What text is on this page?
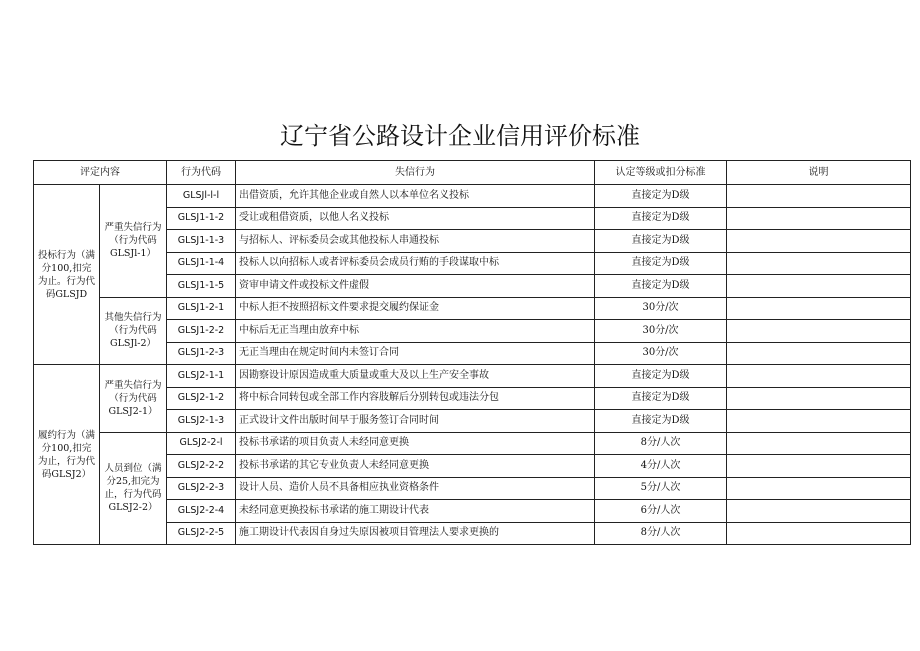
辽宁省公路设计企业信用评价标准
评定内容		行为代码	失信行为	认定等级或扣分标准	说明
投标行为（满分100,扣完为止。行为代码GLSJD	严重失信行为（行为代码GLSJl-1）	GLSJl-l-l	出借资质，允许其他企业或自然人以本单位名义投标	直接定为D级	
		GLSJ1-1-2	受让或租借资质，以他人名义投标	直接定为D级	
		GLSJ1-1-3	与招标人、评标委员会或其他投标人串通投标	直接定为D级	
		GLSJ1-1-4	投标人以向招标人或者评标委员会成员行贿的手段谋取中标	直接定为D级	
		GLSJ1-1-5	资审申请文件或投标文件虚假	直接定为D级	
	其他失信行为（行为代码GLSJl-2）	GLSJ1-2-1	中标人拒不按照招标文件要求提交履约保证金	30分/次	
		GLSJ1-2-2	中标后无正当理由放弃中标	30分/次	
		GLSJ1-2-3	无正当理由在规定时间内未签订合同	30分/次	
履约行为（满分100,扣完为止，行为代码GLSJ2）	严重失信行为（行为代码GLSJ2-1）	GLSJ2-1-1	因勘察设计原因造成重大质量或重大及以上生产安全事故	直接定为D级	
		GLSJ2-1-2	将中标合同转包或全部工作内容肢解后分别转包或违法分包	直接定为D级	
		GLSJ2-1-3	正式设计文件出版时间早于服务签订合同时间	直接定为D级	
	人员到位（满分25,扣完为止，行为代码GLSJ2-2）	GLSJ2-2-l	投标书承诺的项目负责人未经同意更换	8分/人次	
		GLSJ2-2-2	投标书承诺的其它专业负责人未经同意更换	4分/人次	
		GLSJ2-2-3	设计人员、造价人员不具备相应执业资格条件	5分/人次	
		GLSJ2-2-4	未经同意更换投标书承诺的施工期设计代表	6分/人次	
		GLSJ2-2-5	施工期设计代表因自身过失原因被项目管理法人要求更换的	8分/人次	
